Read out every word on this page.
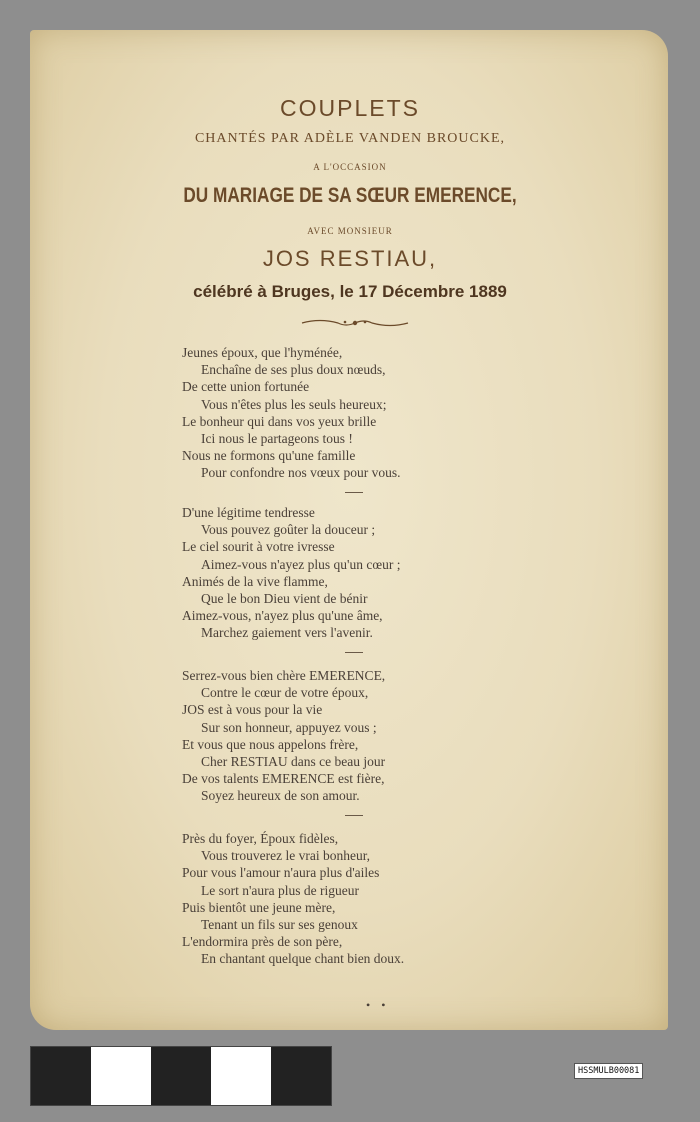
COUPLETS
CHANTÉS PAR ADÈLE VANDEN BROUCKE,
A L'OCCASION
DU MARIAGE DE SA SŒUR EMERENCE,
AVEC MONSIEUR
JOS RESTIAU,
célébré à Bruges, le 17 Décembre 1889
Jeunes époux, que l'hyménée,
Enchaîne de ses plus doux nœuds,
De cette union fortunée
Vous n'êtes plus les seuls heureux;
Le bonheur qui dans vos yeux brille
Ici nous le partageons tous !
Nous ne formons qu'une famille
Pour confondre nos vœux pour vous.
D'une légitime tendresse
Vous pouvez goûter la douceur ;
Le ciel sourit à votre ivresse
Aimez-vous n'ayez plus qu'un cœur ;
Animés de la vive flamme,
Que le bon Dieu vient de bénir
Aimez-vous, n'ayez plus qu'une âme,
Marchez gaiement vers l'avenir.
Serrez-vous bien chère EMERENCE,
Contre le cœur de votre époux,
JOS est à vous pour la vie
Sur son honneur, appuyez vous ;
Et vous que nous appelons frère,
Cher RESTIAU dans ce beau jour
De vos talents EMERENCE est fière,
Soyez heureux de son amour.
Près du foyer, Époux fidèles,
Vous trouverez le vrai bonheur,
Pour vous l'amour n'aura plus d'ailes
Le sort n'aura plus de rigueur
Puis bientôt une jeune mère,
Tenant un fils sur ses genoux
L'endormira près de son père,
En chantant quelque chant bien doux.
• •
HSSMULB00081
